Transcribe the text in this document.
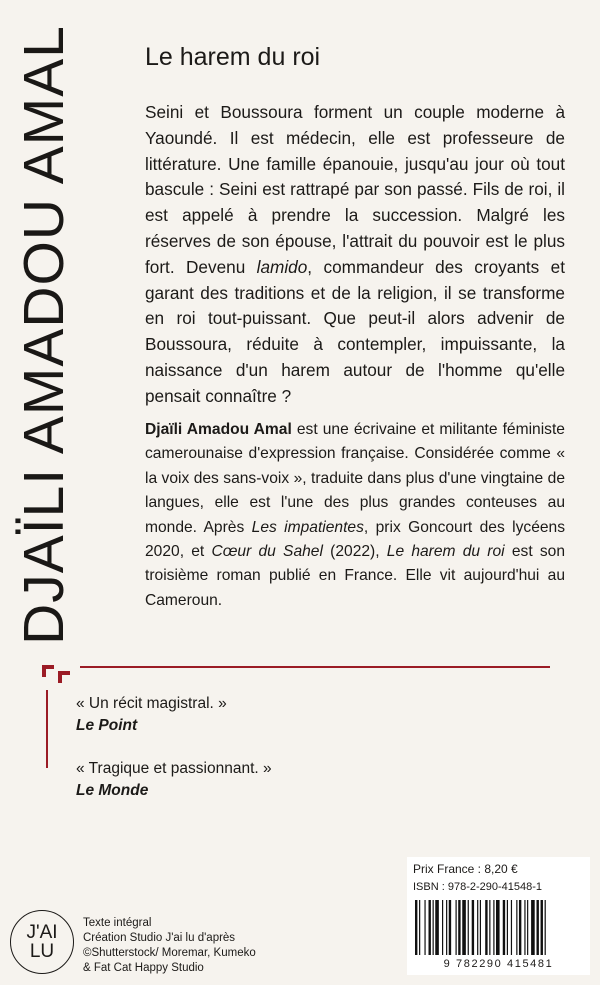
DJAÏLI AMADOU AMAL	Le harem du roi

Seini et Boussoura forment un couple moderne à Yaoundé. Il est médecin, elle est professeure de littérature. Une famille épanouie, jusqu'au jour où tout bascule : Seini est rattrapé par son passé. Fils de roi, il est appelé à prendre la succession. Malgré les réserves de son épouse, l'attrait du pouvoir est le plus fort. Devenu lamido, commandeur des croyants et garant des traditions et de la religion, il se transforme en roi tout-puissant. Que peut-il alors advenir de Boussoura, réduite à contempler, impuissante, la naissance d'un harem autour de l'homme qu'elle pensait connaître ?

Djaïli Amadou Amal est une écrivaine et militante féministe camerounaise d'expression française. Considérée comme « la voix des sans-voix », traduite dans plus d'une vingtaine de langues, elle est l'une des plus grandes conteuses au monde. Après Les impatientes, prix Goncourt des lycéens 2020, et Cœur du Sahel (2022), Le harem du roi est son troisième roman publié en France. Elle vit aujourd'hui au Cameroun.

« Un récit magistral. »
Le Point
« Tragique et passionnant. »
Le Monde
Prix France : 8,20 €
ISBN : 978-2-290-41548-1
9 782290 415481
J'AI
LU
Texte intégral
Création Studio J'ai lu d'après
©Shutterstock/ Moremar, Kumeko
& Fat Cat Happy Studio
